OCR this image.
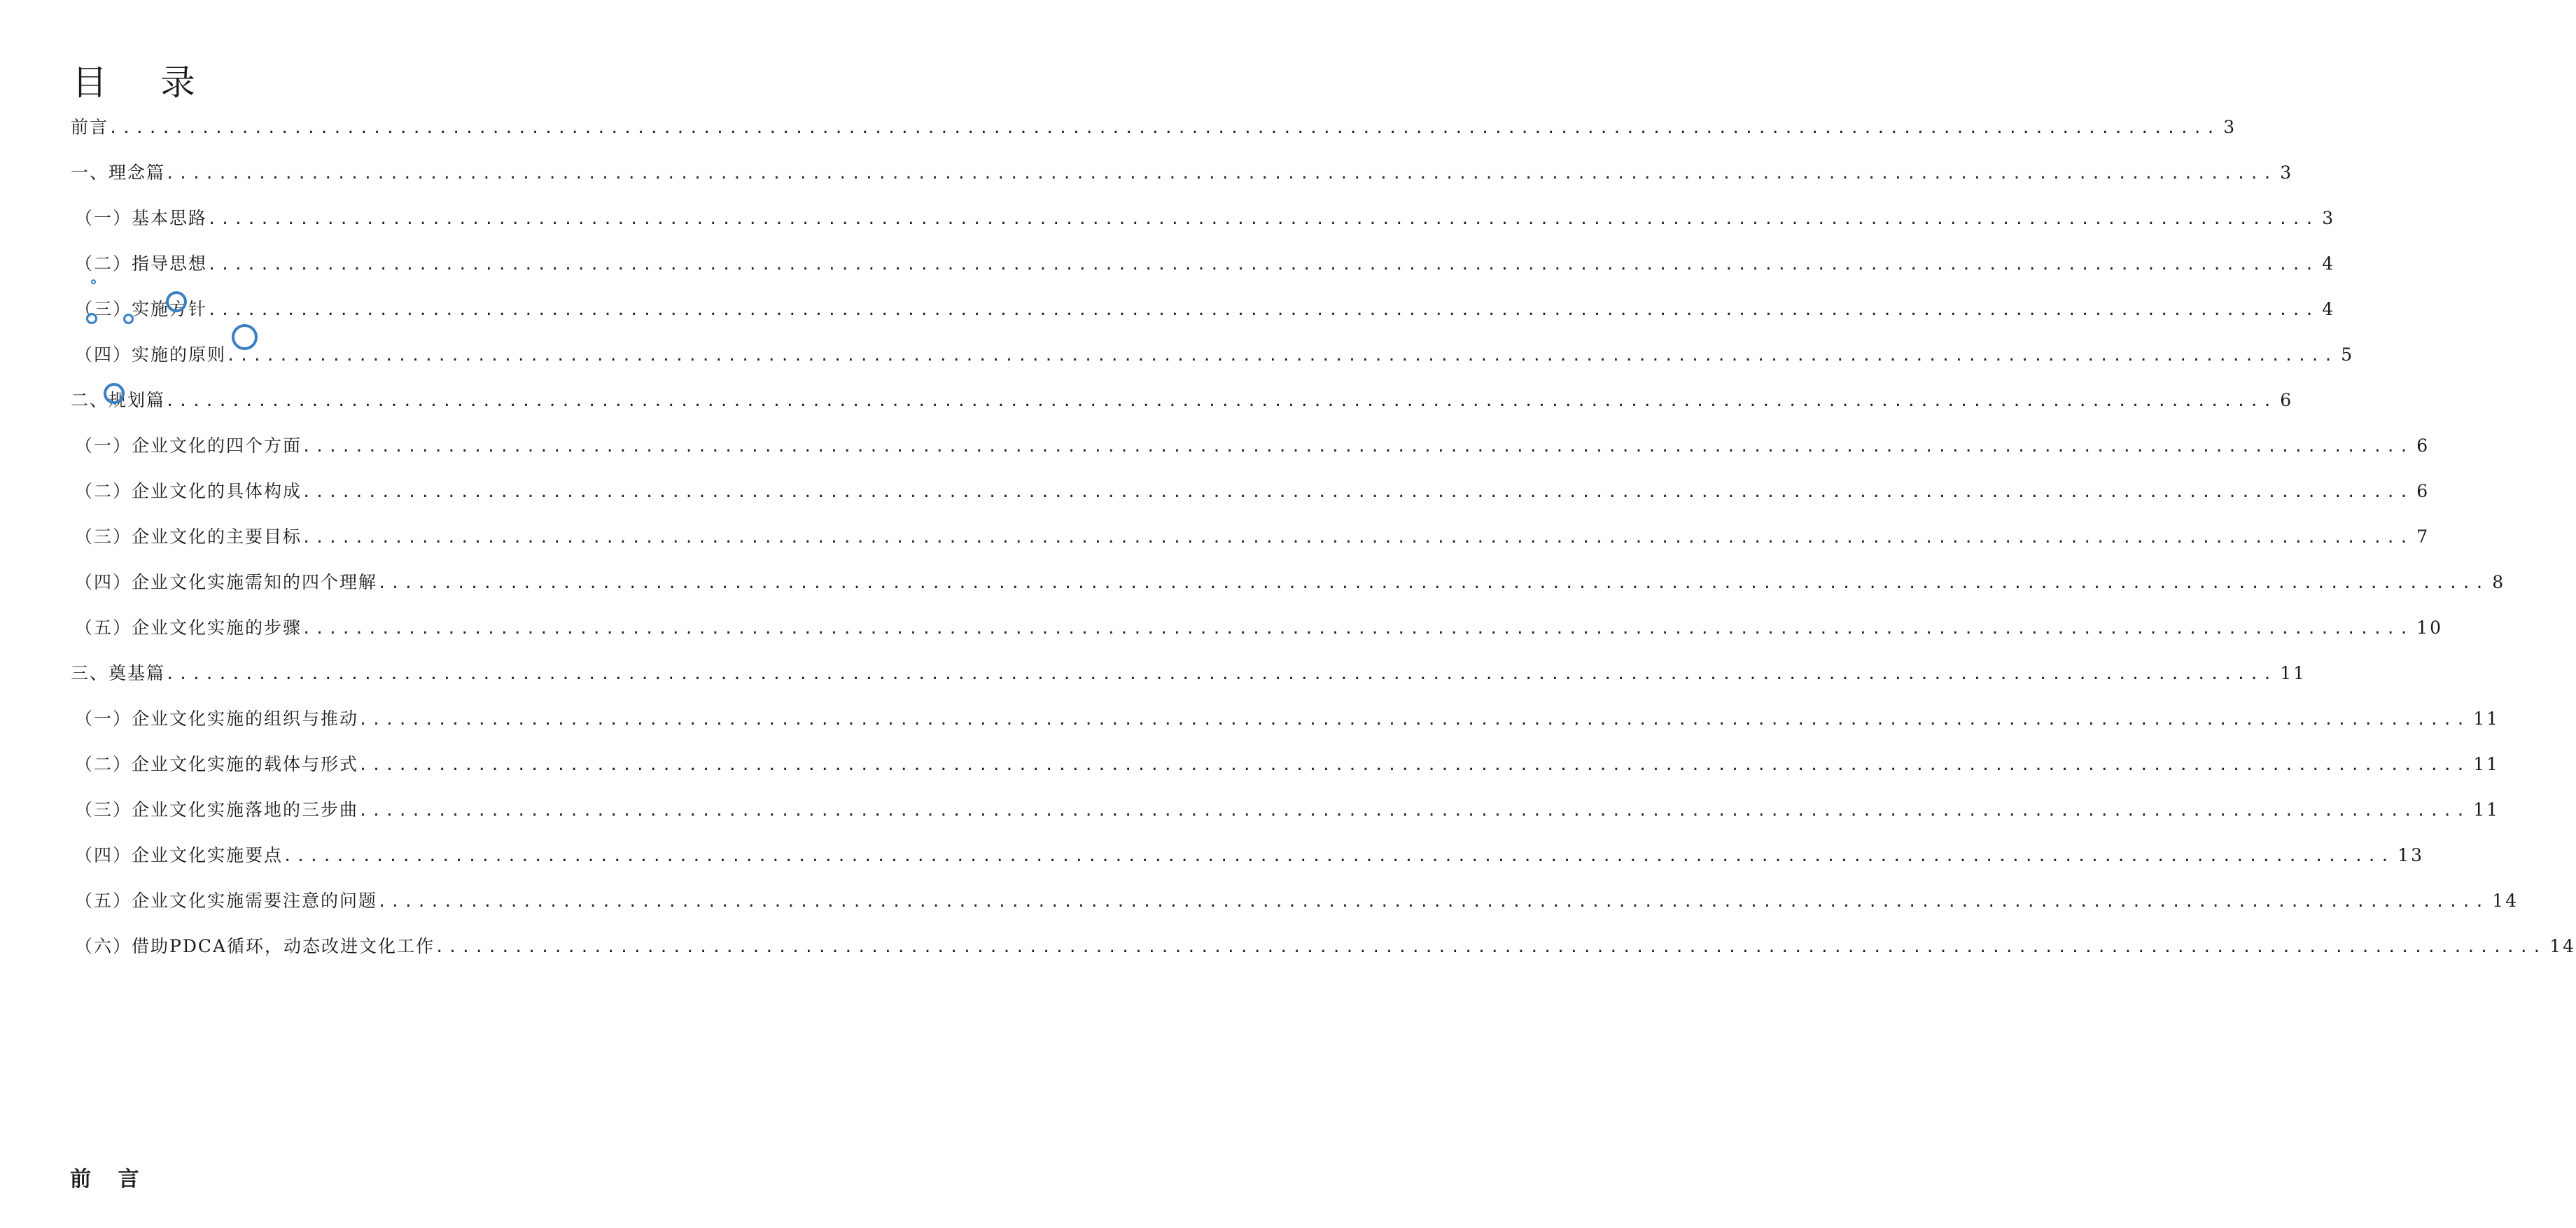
目 录
前言 ................................................................................................................................................................ 3
一、理念篇 ................................................................................................................................................................ 3
（一）基本思路 ................................................................................................................................................................ 3
（二）指导思想 ................................................................................................................................................................ 4
（三）实施方针 ................................................................................................................................................................ 4
（四）实施的原则 ................................................................................................................................................................ 5
二、规划篇 ................................................................................................................................................................ 6
（一）企业文化的四个方面 ................................................................................................................................................................ 6
（二）企业文化的具体构成 ................................................................................................................................................................ 6
（三）企业文化的主要目标 ................................................................................................................................................................ 7
（四）企业文化实施需知的四个理解 ................................................................................................................................................................ 8
（五）企业文化实施的步骤 ................................................................................................................................................................ 10
三、奠基篇 ................................................................................................................................................................ 11
（一）企业文化实施的组织与推动 ................................................................................................................................................................ 11
（二）企业文化实施的载体与形式 ................................................................................................................................................................ 11
（三）企业文化实施落地的三步曲 ................................................................................................................................................................ 11
（四）企业文化实施要点 ................................................................................................................................................................ 13
（五）企业文化实施需要注意的问题 ................................................................................................................................................................ 14
（六）借助PDCA循环，动态改进文化工作 ................................................................................................................................................................ 14
前 言
